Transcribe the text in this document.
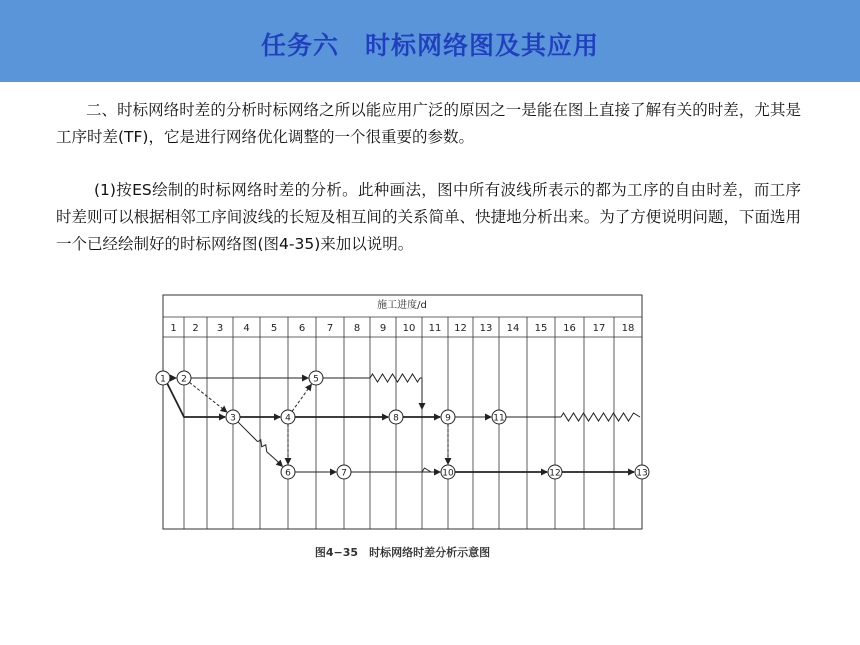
任务六　时标网络图及其应用
二、时标网络时差的分析时标网络之所以能应用广泛的原因之一是能在图上直接了解有关的时差，尤其是工序时差(TF)，它是进行网络优化调整的一个很重要的参数。
(1)按ES绘制的时标网络时差的分析。此种画法，图中所有波线所表示的都为工序的自由时差，而工序时差则可以根据相邻工序间波线的长短及相互间的关系简单、快捷地分析出来。为了方便说明问题，下面选用一个已经绘制好的时标网络图(图4-35)来加以说明。
施工进度/d
1 2 3 4 5 6 7 8 9 10 11 12 13 14 15 16 17 18
1 2
3	4
5
6	7
8	9
10
11
12	13
图4−35　时标网络时差分析示意图
